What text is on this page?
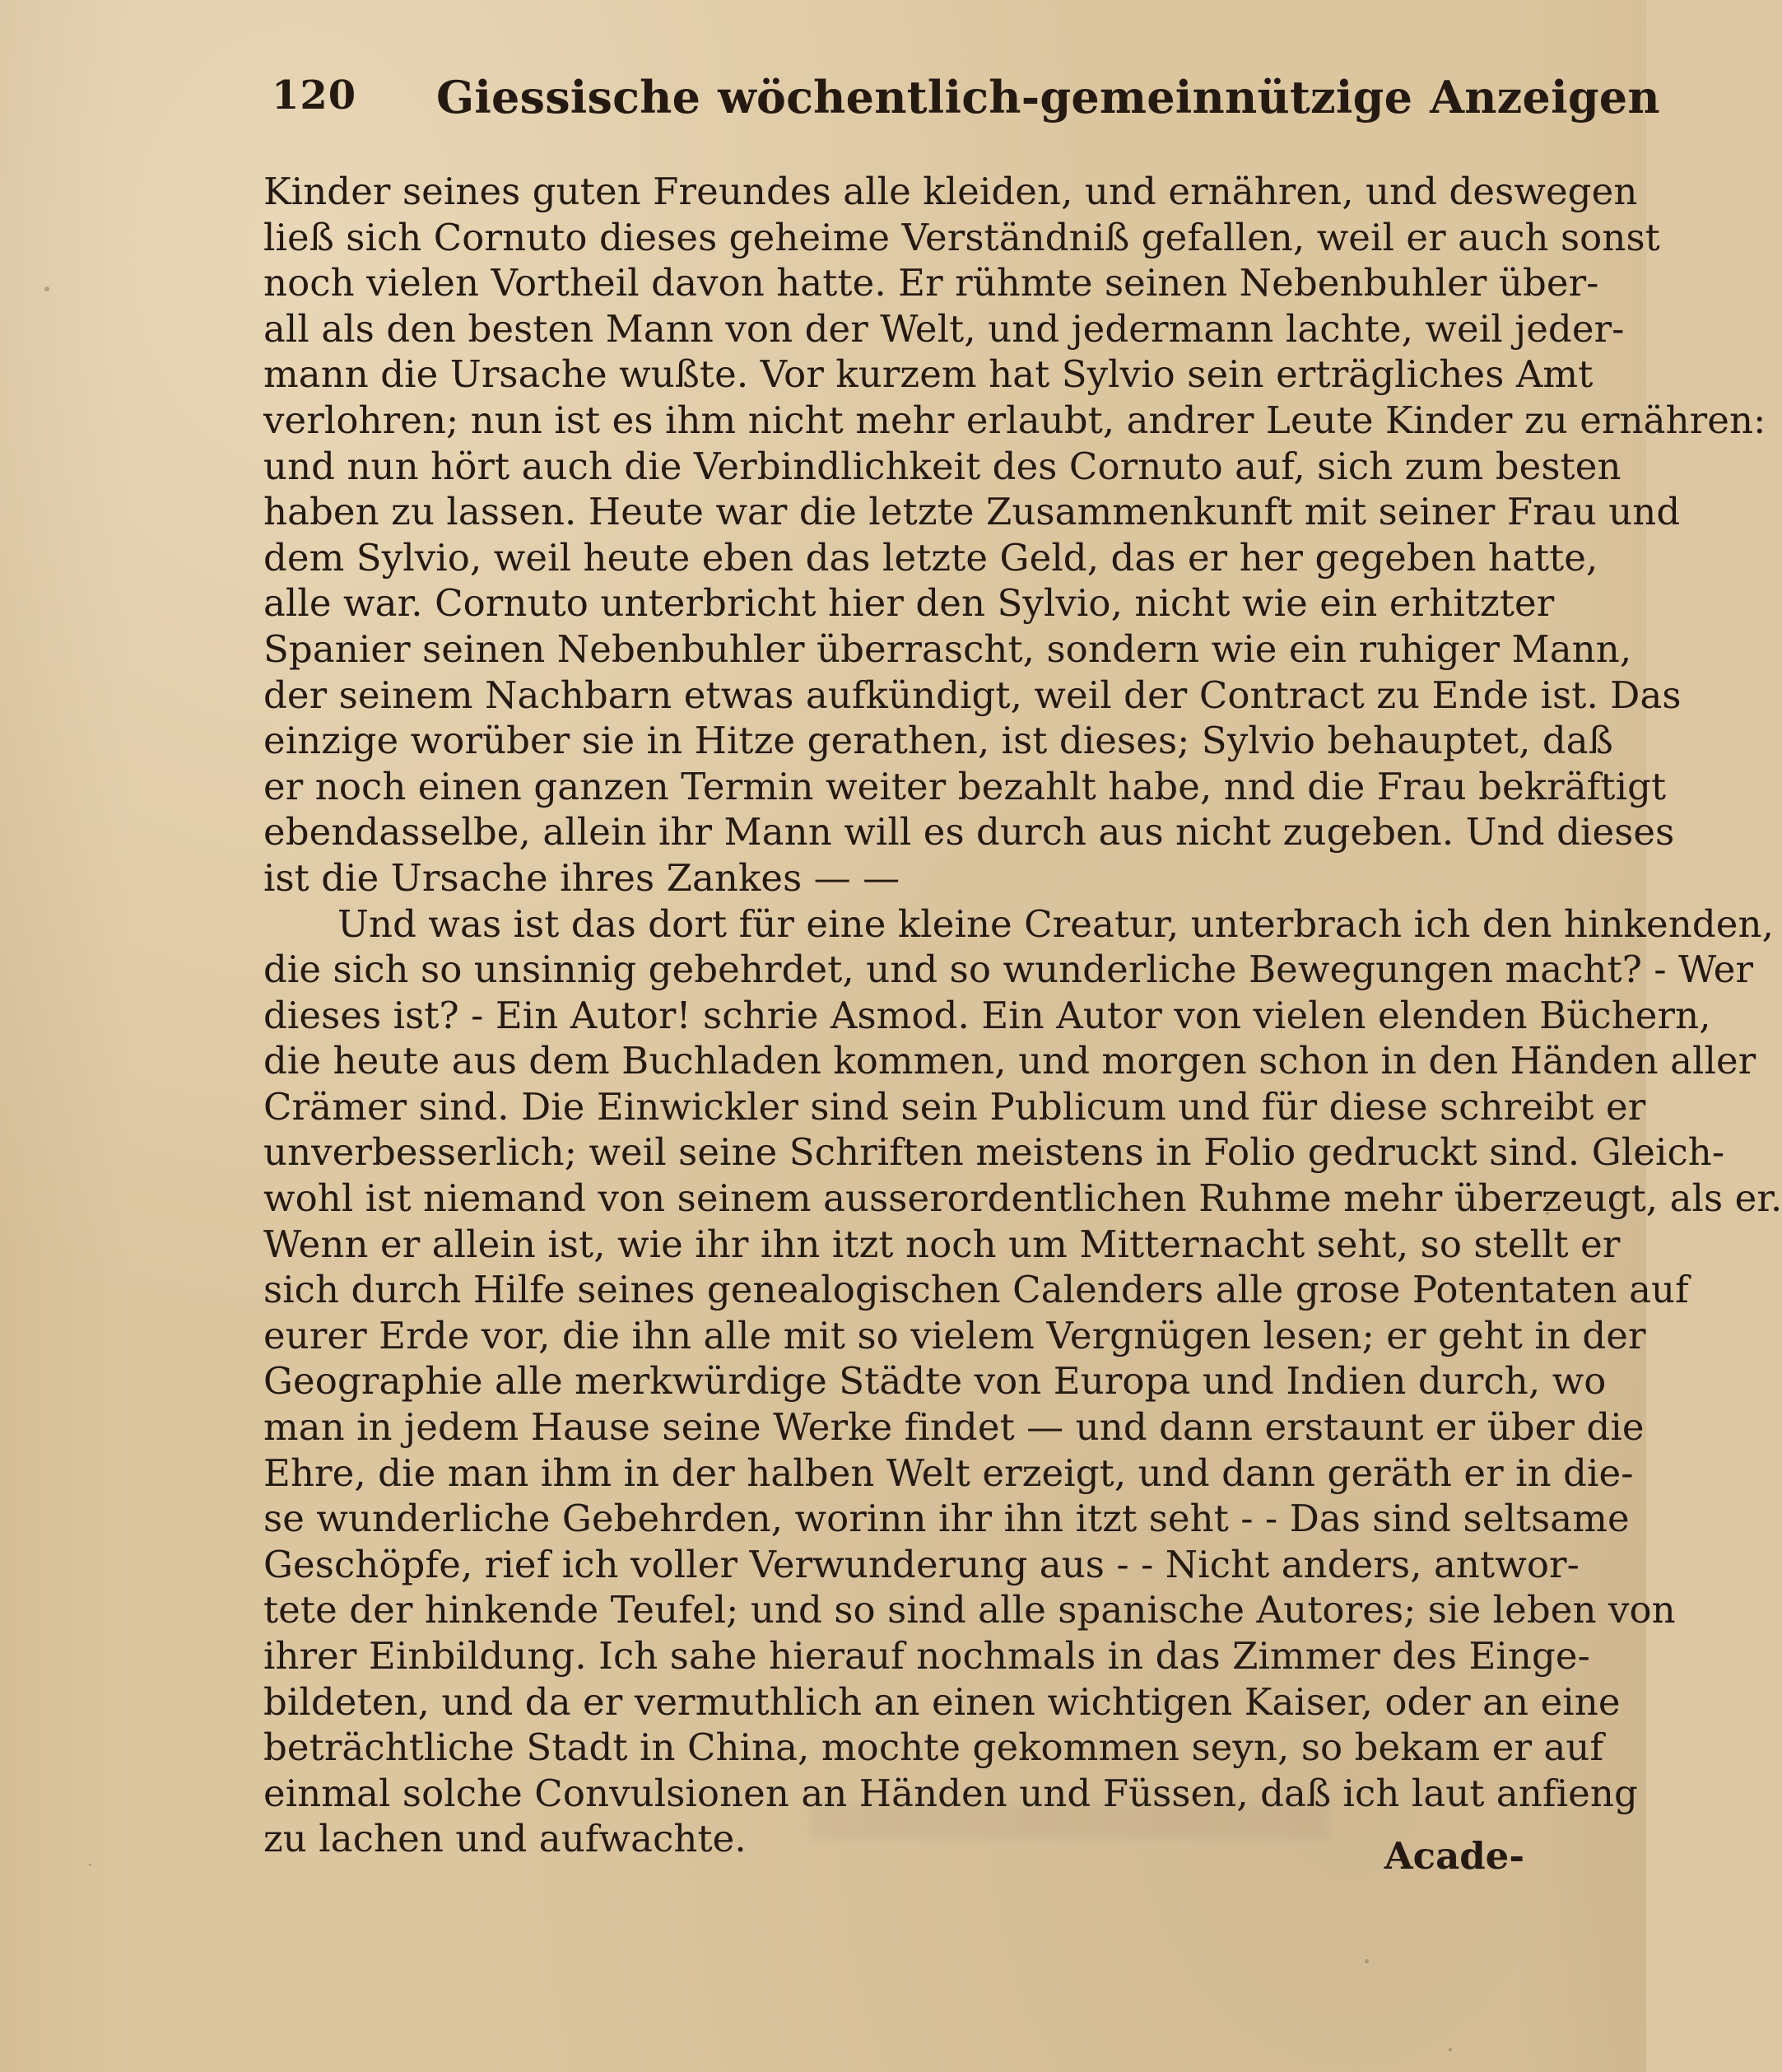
120 Giessische wöchentlich-gemeinnützige Anzeigen
Kinder seines guten Freundes alle kleiden, und ernähren, und deswegen
ließ sich Cornuto dieses geheime Verständniß gefallen, weil er auch sonst
noch vielen Vortheil davon hatte. Er rühmte seinen Nebenbuhler über-
all als den besten Mann von der Welt, und jedermann lachte, weil jeder-
mann die Ursache wußte. Vor kurzem hat Sylvio sein erträgliches Amt
verlohren; nun ist es ihm nicht mehr erlaubt, andrer Leute Kinder zu ernähren:
und nun hört auch die Verbindlichkeit des Cornuto auf, sich zum besten
haben zu lassen. Heute war die letzte Zusammenkunft mit seiner Frau und
dem Sylvio, weil heute eben das letzte Geld, das er her gegeben hatte,
alle war. Cornuto unterbricht hier den Sylvio, nicht wie ein erhitzter
Spanier seinen Nebenbuhler überrascht, sondern wie ein ruhiger Mann,
der seinem Nachbarn etwas aufkündigt, weil der Contract zu Ende ist. Das
einzige worüber sie in Hitze gerathen, ist dieses; Sylvio behauptet, daß
er noch einen ganzen Termin weiter bezahlt habe, nnd die Frau bekräftigt
ebendasselbe, allein ihr Mann will es durch aus nicht zugeben. Und dieses
ist die Ursache ihres Zankes — —
Und was ist das dort für eine kleine Creatur, unterbrach ich den hinkenden,
die sich so unsinnig gebehrdet, und so wunderliche Bewegungen macht? - Wer
dieses ist? - Ein Autor! schrie Asmod. Ein Autor von vielen elenden Büchern,
die heute aus dem Buchladen kommen, und morgen schon in den Händen aller
Crämer sind. Die Einwickler sind sein Publicum und für diese schreibt er
unverbesserlich; weil seine Schriften meistens in Folio gedruckt sind. Gleich-
wohl ist niemand von seinem ausserordentlichen Ruhme mehr überzeugt, als er.
Wenn er allein ist, wie ihr ihn itzt noch um Mitternacht seht, so stellt er
sich durch Hilfe seines genealogischen Calenders alle grose Potentaten auf
eurer Erde vor, die ihn alle mit so vielem Vergnügen lesen; er geht in der
Geographie alle merkwürdige Städte von Europa und Indien durch, wo
man in jedem Hause seine Werke findet — und dann erstaunt er über die
Ehre, die man ihm in der halben Welt erzeigt, und dann geräth er in die-
se wunderliche Gebehrden, worinn ihr ihn itzt seht - - Das sind seltsame
Geschöpfe, rief ich voller Verwunderung aus - - Nicht anders, antwor-
tete der hinkende Teufel; und so sind alle spanische Autores; sie leben von
ihrer Einbildung. Ich sahe hierauf nochmals in das Zimmer des Einge-
bildeten, und da er vermuthlich an einen wichtigen Kaiser, oder an eine
beträchtliche Stadt in China, mochte gekommen seyn, so bekam er auf
einmal solche Convulsionen an Händen und Füssen, daß ich laut anfieng
zu lachen und aufwachte.	Acade-
